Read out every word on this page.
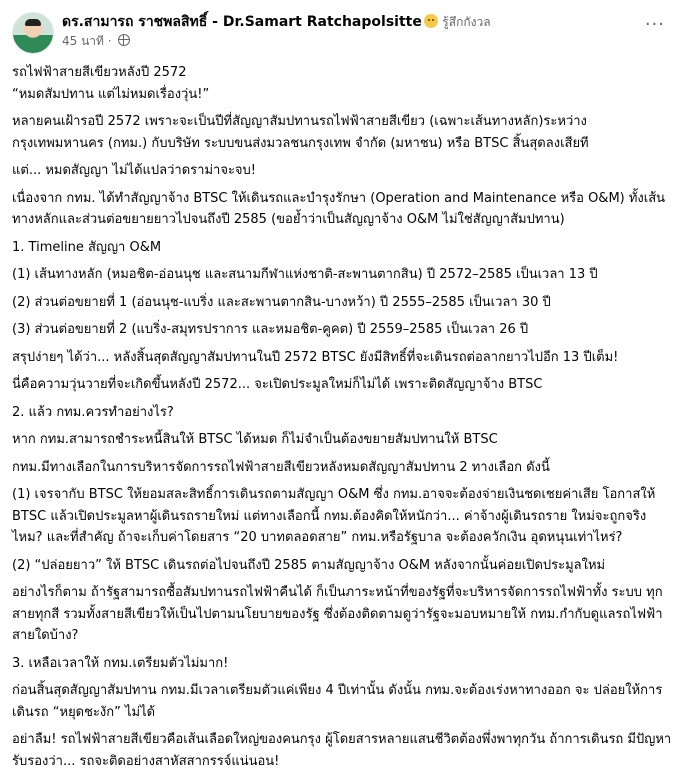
ดร.สามารถ ราชพลสิทธิ์ - Dr.Samart Ratchapolsitte รู้สึกกังวล
45 นาที ·
···

รถไฟฟ้าสายสีเขียวหลังปี 2572

“หมดสัมปทาน แต่ไม่หมดเรื่องวุ่น!”

หลายคนเฝ้ารอปี 2572 เพราะจะเป็นปีที่สัญญาสัมปทานรถไฟฟ้าสายสีเขียว (เฉพาะเส้นทางหลัก)ระหว่าง กรุงเทพมหานคร (กทม.) กับบริษัท ระบบขนส่งมวลชนกรุงเทพ จำกัด (มหาชน) หรือ BTSC สิ้นสุดลงเสียที

แต่... หมดสัญญา ไม่ได้แปลว่าดราม่าจะจบ!

เนื่องจาก กทม. ได้ทำสัญญาจ้าง BTSC ให้เดินรถและบำรุงรักษา (Operation and Maintenance หรือ O&M) ทั้งเส้นทางหลักและส่วนต่อขยายยาวไปจนถึงปี 2585 (ขอย้ำว่าเป็นสัญญาจ้าง O&M ไม่ใช่สัญญาสัมปทาน)

1. Timeline สัญญา O&M

(1) เส้นทางหลัก (หมอชิต-อ่อนนุช และสนามกีฬาแห่งชาติ-สะพานตากสิน) ปี 2572–2585 เป็นเวลา 13 ปี

(2) ส่วนต่อขยายที่ 1 (อ่อนนุช-แบริ่ง และสะพานตากสิน-บางหว้า) ปี 2555–2585 เป็นเวลา 30 ปี

(3) ส่วนต่อขยายที่ 2 (แบริ่ง-สมุทรปราการ และหมอชิต-คูคต) ปี 2559–2585 เป็นเวลา 26 ปี

สรุปง่ายๆ ได้ว่า... หลังสิ้นสุดสัญญาสัมปทานในปี 2572 BTSC ยังมีสิทธิ์ที่จะเดินรถต่อลากยาวไปอีก 13 ปีเต็ม!

นี่คือความวุ่นวายที่จะเกิดขึ้นหลังปี 2572... จะเปิดประมูลใหม่ก็ไม่ได้ เพราะติดสัญญาจ้าง BTSC

2. แล้ว กทม.ควรทำอย่างไร?

หาก กทม.สามารถชำระหนี้สินให้ BTSC ได้หมด ก็ไม่จำเป็นต้องขยายสัมปทานให้ BTSC

กทม.มีทางเลือกในการบริหารจัดการรถไฟฟ้าสายสีเขียวหลังหมดสัญญาสัมปทาน 2 ทางเลือก ดังนี้

(1) เจรจากับ BTSC ให้ยอมสละสิทธิ์การเดินรถตามสัญญา O&M ซึ่ง กทม.อาจจะต้องจ่ายเงินชดเชยค่าเสีย โอกาสให้ BTSC แล้วเปิดประมูลหาผู้เดินรถรายใหม่ แต่ทางเลือกนี้ กทม.ต้องคิดให้หนักว่า... ค่าจ้างผู้เดินรถราย ใหม่จะถูกจริงไหม? และที่สำคัญ ถ้าจะเก็บค่าโดยสาร “20 บาทตลอดสาย” กทม.หรือรัฐบาล จะต้องควักเงิน อุดหนุนเท่าไหร่?

(2) “ปล่อยยาว” ให้ BTSC เดินรถต่อไปจนถึงปี 2585 ตามสัญญาจ้าง O&M หลังจากนั้นค่อยเปิดประมูลใหม่

อย่างไรก็ตาม ถ้ารัฐสามารถซื้อสัมปทานรถไฟฟ้าคืนได้ ก็เป็นภาระหน้าที่ของรัฐที่จะบริหารจัดการรถไฟฟ้าทั้ง ระบบ ทุกสายทุกสี รวมทั้งสายสีเขียวให้เป็นไปตามนโยบายของรัฐ ซึ่งต้องติดตามดูว่ารัฐจะมอบหมายให้ กทม.กำกับดูแลรถไฟฟ้าสายใดบ้าง?

3. เหลือเวลาให้ กทม.เตรียมตัวไม่มาก!

ก่อนสิ้นสุดสัญญาสัมปทาน กทม.มีเวลาเตรียมตัวแค่เพียง 4 ปีเท่านั้น ดังนั้น กทม.จะต้องเร่งหาทางออก จะ ปล่อยให้การเดินรถ “หยุดชะงัก” ไม่ได้

อย่าลืม! รถไฟฟ้าสายสีเขียวคือเส้นเลือดใหญ่ของคนกรุง ผู้โดยสารหลายแสนชีวิตต้องพึ่งพาทุกวัน ถ้าการเดินรถ มีปัญหา รับรองว่า... รถจะติดอย่างสาหัสสากรรจ์แน่นอน!
